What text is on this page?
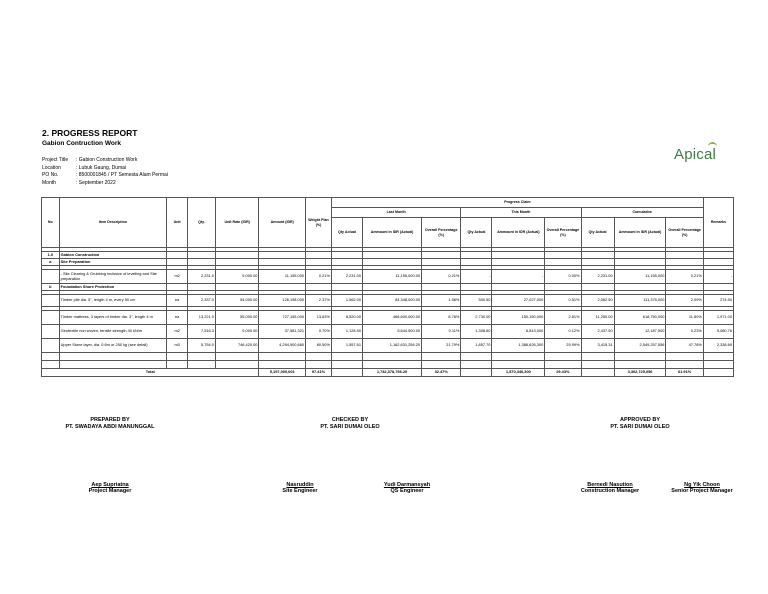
2. PROGRESS REPORT
Gabion Contruction Work
Project Title	: Gabion Construction Work
Location	: Lubuk Gaung, Dumai
PO No.	: 8500001845 / PT Semesta Alam Permai
Month	: September 2022
Apical
No	Item Description	Unit	Qty.	Unit Rate (IDR)	Amount (IDR)	Weight Plan (%)	Progress Claim									Remarks
							Last Month			This Month			Cumulative			
							Qty Actual	Ammount in IDR (Actual)	Overall Percentage (%)	Qty Actual	Ammount in IDR (Actual)	Overall Percentage (%)	Qty Actual	Ammount in IDR (Actual)	Overall Percentage (%)	

1.0	Gabion Construction															
a	Site Preparation															

	- Site Clearing & Grubbing inclusive of levelling and Site preparation	m2	2,231.0	5,000.00	11,155,000	0.21%	2,231.00	11,155,000.00	0.21%	-	-	0.00%	2,231.00	11,155,000	0.21%	-
b	Foundation Shore Protection															

	Timber pile dia. 5", length 4 m, every 50 cm	ea	2,337.0	54,000.00	126,198,000	2.37%	1,562.00	84,348,000.00	1.58%	500.50	27,027,000	0.51%	2,062.50	111,375,000	2.09%	274.50

	Timber mattress, 3 layers of timber dia. 3", length 4 m	ea	13,221.0	55,000.00	727,155,000	13.63%	8,520.00	468,600,000.00	8.78%	2,730.00	150,150,000	2.81%	11,250.00	618,750,000	11.60%	1,971.00
	Geotextile non woven, tensile strength 40 kN/m	m2	7,516.3	5,000.00	37,581,321	0.70%	1,128.90	5,644,500.00	0.11%	1,308.60	6,543,000	0.12%	2,437.50	12,187,500	0.23%	5,080.76
	Upper Stone layer, dia. 0.6m or 250 kg (see detail)	m3	5,754.0	746,420.00	4,294,900,680	80.50%	1,557.61	1,162,631,256.20	21.79%	1,857.70	1,386,626,300	25.99%	3,415.31	2,549,257,556	47.78%	2,338.69

Total					5,197,000,001	97.41%		1,732,378,756.20	32.47%		1,570,346,300	29.43%		3,302,725,056	61.91%	
PREPARED BY
PT. SWADAYA ABDI MANUNGGAL
CHECKED BY
PT. SARI DUMAI OLEO
APPROVED BY
PT. SARI DUMAI OLEO
Aep Supriatna
Project Manager
Nasruddin
Site Engineer
Yudi Darmansyah
QS Engineer
Bernedi Nasution
Construction Manager
Ng Yik Choon
Senior Project Manager
